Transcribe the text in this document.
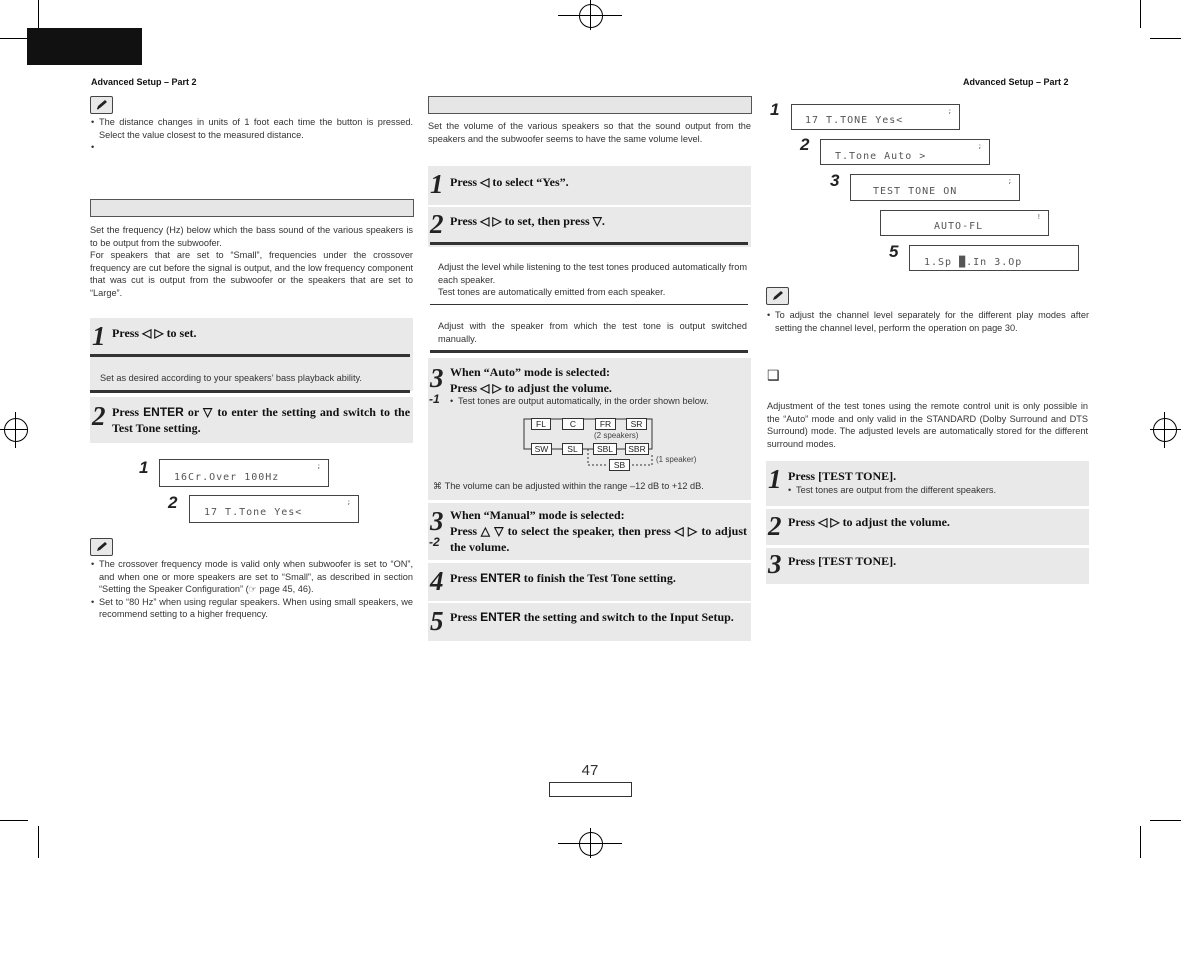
Advanced Setup – Part 2	Advanced Setup – Part 2
• The distance changes in units of 1 foot each time the button is pressed. Select the value closest to the measured distance.
•
Set the frequency (Hz) below which the bass sound of the various speakers is to be output from the subwoofer.
For speakers that are set to “Small”, frequencies under the crossover frequency are cut before the signal is output, and the low frequency component that was cut is output from the subwoofer or the speakers that are set to “Large”.
1 Press ◁ ▷ to set.
Set as desired according to your speakers’ bass playback ability.
2 Press ENTER or ▽ to enter the setting and switch to the Test Tone setting.
1	;
16Cr.Over 100Hz
2	;
17 T.Tone Yes<
• The crossover frequency mode is valid only when subwoofer is set to “ON”, and when one or more speakers are set to “Small”, as described in section “Setting the Speaker Configuration” (☞ page 45, 46).
• Set to “80 Hz” when using regular speakers. When using small speakers, we recommend setting to a higher frequency.
Set the volume of the various speakers so that the sound output from the speakers and the subwoofer seems to have the same volume level.
1 Press ◁ to select “Yes”.
2 Press ◁ ▷ to set, then press ▽.
Adjust the level while listening to the test tones produced automatically from each speaker.
Test tones are automatically emitted from each speaker.
Adjust with the speaker from which the test tone is output switched manually.
3
-1
When “Auto” mode is selected:
Press ◁ ▷ to adjust the volume.
• Test tones are output automatically, in the order shown below.
FL	C	FR	SR
(2 speakers)
SW	SL	SBL	SBR
SB
(1 speaker)
⌘ The volume can be adjusted within the range –12 dB to +12 dB.
3
-2
When “Manual” mode is selected:
Press △ ▽ to select the speaker, then press ◁ ▷ to adjust the volume.
4 Press ENTER to finish the Test Tone setting.
5 Press ENTER the setting and switch to the Input Setup.
1	;
17 T.TONE Yes<
2	;
T.Tone Auto >
3	;
TEST TONE ON
!
AUTO-FL
5
1.Sp █.In 3.Op
• To adjust the channel level separately for the different play modes after setting the channel level, perform the operation on page 30.
❑
Adjustment of the test tones using the remote control unit is only possible in the “Auto” mode and only valid in the STANDARD (Dolby Surround and DTS Surround) mode. The adjusted levels are automatically stored for the different surround modes.
1 Press [TEST TONE].
• Test tones are output from the different speakers.
2 Press ◁ ▷ to adjust the volume.
3 Press [TEST TONE].
47
